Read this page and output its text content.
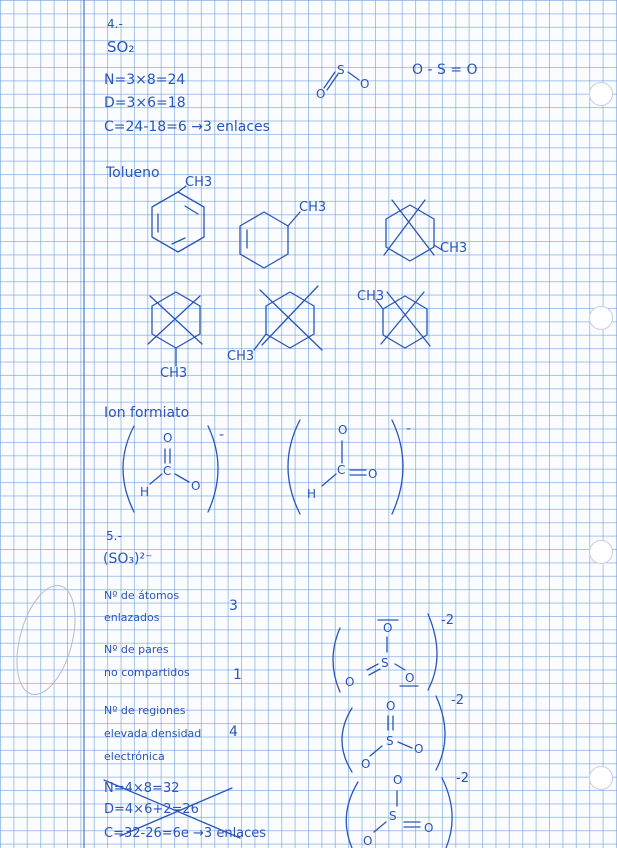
4.-
SO₂
N=3×8=24
D=3×6=18
C=24-18=6 →3 enlaces
O - S = O
Tolueno
CH3
CH3
CH3
CH3
CH3
CH3
Ion formiato
-	-
5.-
(SO₃)²⁻
Nº de átomos
enlazados
3
Nº de pares
no compartidos	1
Nº de regiones
elevada densidad
electrónica
4
N=4×8=32
D=4×6+2=26
C=32-26=6e →3 enlaces
-2
-2
-2
O
S
O
O
C
O
H
O
C O
H
O
S
O	O
O
S
O
O
O
S
O
O
